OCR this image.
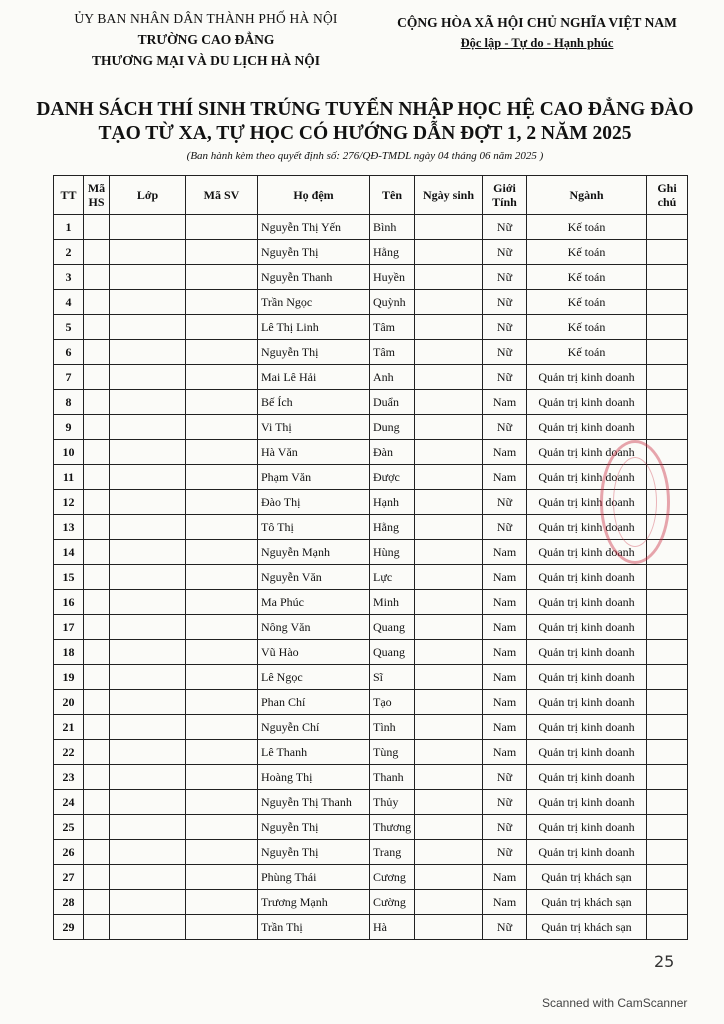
ỦY BAN NHÂN DÂN THÀNH PHỐ HÀ NỘI
TRƯỜNG CAO ĐẲNG
THƯƠNG MẠI VÀ DU LỊCH HÀ NỘI
CỘNG HÒA XÃ HỘI CHỦ NGHĨA VIỆT NAM
Độc lập - Tự do - Hạnh phúc
DANH SÁCH THÍ SINH TRÚNG TUYỂN NHẬP HỌC HỆ CAO ĐẲNG ĐÀO
TẠO TỪ XA, TỰ HỌC CÓ HƯỚNG DẪN ĐỢT 1, 2 NĂM 2025
(Ban hành kèm theo quyết định số: 276/QĐ-TMDL ngày 04 tháng 06 năm 2025 )
TT	Mã HS	Lớp	Mã SV	Họ đệm	Tên	Ngày sinh	Giới Tính	Ngành	Ghi chú
1				Nguyễn Thị Yến	Bình		Nữ	Kế toán	
2				Nguyễn Thị	Hằng		Nữ	Kế toán	
3				Nguyễn Thanh	Huyền		Nữ	Kế toán	
4				Trần Ngọc	Quỳnh		Nữ	Kế toán	
5				Lê Thị Linh	Tâm		Nữ	Kế toán	
6				Nguyễn Thị	Tâm		Nữ	Kế toán	
7				Mai Lê Hải	Anh		Nữ	Quản trị kinh doanh	
8				Bế Ích	Duẩn		Nam	Quản trị kinh doanh	
9				Vi Thị	Dung		Nữ	Quản trị kinh doanh	
10				Hà Văn	Đàn		Nam	Quản trị kinh doanh	
11				Phạm Văn	Được		Nam	Quản trị kinh doanh	
12				Đào Thị	Hạnh		Nữ	Quản trị kinh doanh	
13				Tô Thị	Hằng		Nữ	Quản trị kinh doanh	
14				Nguyễn Mạnh	Hùng		Nam	Quản trị kinh doanh	
15				Nguyễn Văn	Lực		Nam	Quản trị kinh doanh	
16				Ma Phúc	Minh		Nam	Quản trị kinh doanh	
17				Nông Văn	Quang		Nam	Quản trị kinh doanh	
18				Vũ Hào	Quang		Nam	Quản trị kinh doanh	
19				Lê Ngọc	Sĩ		Nam	Quản trị kinh doanh	
20				Phan Chí	Tạo		Nam	Quản trị kinh doanh	
21				Nguyễn Chí	Tình		Nam	Quản trị kinh doanh	
22				Lê Thanh	Tùng		Nam	Quản trị kinh doanh	
23				Hoàng Thị	Thanh		Nữ	Quản trị kinh doanh	
24				Nguyễn Thị Thanh	Thủy		Nữ	Quản trị kinh doanh	
25				Nguyễn Thị	Thương		Nữ	Quản trị kinh doanh	
26				Nguyễn Thị	Trang		Nữ	Quản trị kinh doanh	
27				Phùng Thái	Cương		Nam	Quản trị khách sạn	
28				Trương Mạnh	Cường		Nam	Quản trị khách sạn	
29				Trần Thị	Hà		Nữ	Quản trị khách sạn	
25
Scanned with CamScanner
